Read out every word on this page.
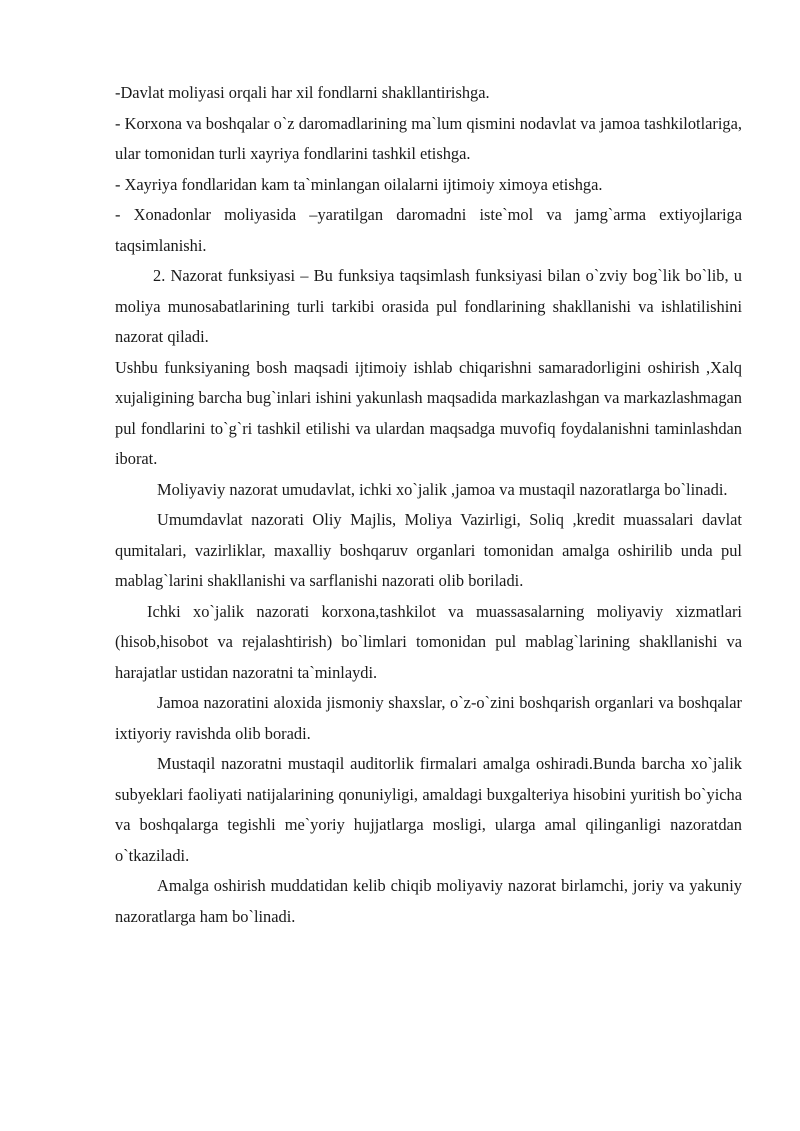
-Davlat moliyasi orqali har xil fondlarni shakllantirishga.

- Korxona va boshqalar o`z daromadlarining ma`lum qismini nodavlat va jamoa tashkilotlariga, ular tomonidan turli xayriya fondlarini tashkil etishga.

- Xayriya fondlaridan kam ta`minlangan oilalarni ijtimoiy ximoya etishga.

- Xonadonlar moliyasida –yaratilgan daromadni iste`mol va jamg`arma extiyojlariga taqsimlanishi.

2. Nazorat funksiyasi – Bu funksiya taqsimlash funksiyasi bilan o`zviy bog`lik bo`lib, u moliya munosabatlarining turli tarkibi orasida pul fondlarining shakllanishi va ishlatilishini nazorat qiladi.

Ushbu funksiyaning bosh maqsadi ijtimoiy ishlab chiqarishni samaradorligini oshirish ,Xalq xujaligining barcha bug`inlari ishini yakunlash maqsadida markazlashgan va markazlashmagan pul fondlarini to`g`ri tashkil etilishi va ulardan maqsadga muvofiq foydalanishni taminlashdan iborat.

Moliyaviy nazorat umudavlat, ichki xo`jalik ,jamoa va mustaqil nazoratlarga bo`linadi.

Umumdavlat nazorati Oliy Majlis, Moliya Vazirligi, Soliq ,kredit muassalari davlat qumitalari, vazirliklar, maxalliy boshqaruv organlari tomonidan amalga oshirilib unda pul mablag`larini shakllanishi va sarflanishi nazorati olib boriladi.

Ichki xo`jalik nazorati korxona,tashkilot va muassasalarning moliyaviy xizmatlari (hisob,hisobot va rejalashtirish) bo`limlari tomonidan pul mablag`larining shakllanishi va harajatlar ustidan nazoratni ta`minlaydi.

Jamoa nazoratini aloxida jismoniy shaxslar, o`z-o`zini boshqarish organlari va boshqalar ixtiyoriy ravishda olib boradi.

Mustaqil nazoratni mustaqil auditorlik firmalari amalga oshiradi.Bunda barcha xo`jalik subyeklari faoliyati natijalarining qonuniyligi, amaldagi buxgalteriya hisobini yuritish bo`yicha va boshqalarga tegishli me`yoriy hujjatlarga mosligi, ularga amal qilinganligi nazoratdan o`tkaziladi.

Amalga oshirish muddatidan kelib chiqib moliyaviy nazorat birlamchi, joriy va yakuniy nazoratlarga ham bo`linadi.
